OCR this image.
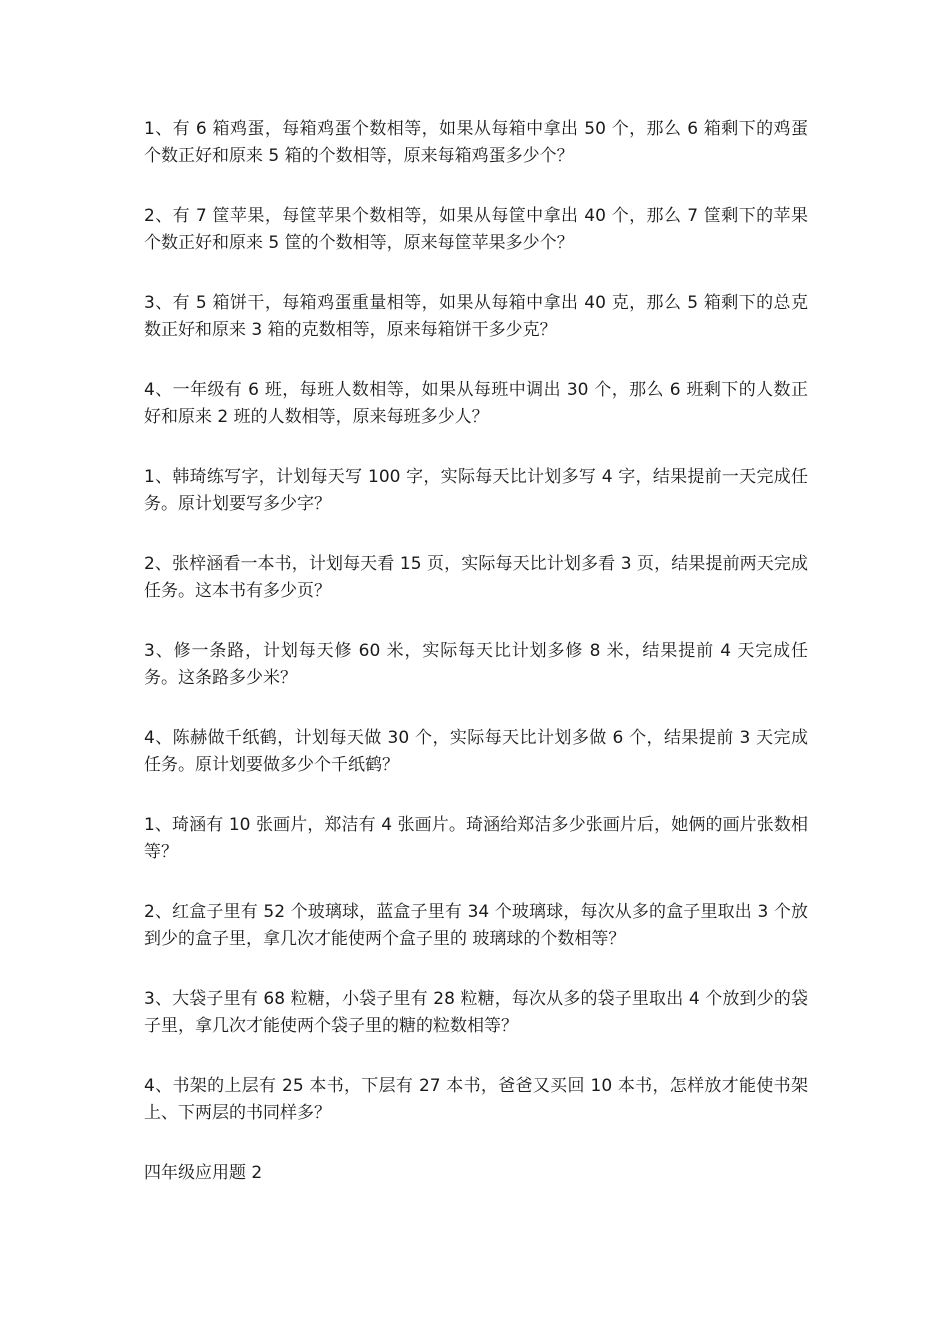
1、有 6 箱鸡蛋，每箱鸡蛋个数相等，如果从每箱中拿出 50 个，那么 6 箱剩下的鸡蛋个数正好和原来 5 箱的个数相等，原来每箱鸡蛋多少个？

2、有 7 筐苹果，每筐苹果个数相等，如果从每筐中拿出 40 个，那么 7 筐剩下的苹果个数正好和原来 5 筐的个数相等，原来每筐苹果多少个？

3、有 5 箱饼干，每箱鸡蛋重量相等，如果从每箱中拿出 40 克，那么 5 箱剩下的总克数正好和原来 3 箱的克数相等，原来每箱饼干多少克？

4、一年级有 6 班，每班人数相等，如果从每班中调出 30 个，那么 6 班剩下的人数正好和原来 2 班的人数相等，原来每班多少人？

1、韩琦练写字，计划每天写 100 字，实际每天比计划多写 4 字，结果提前一天完成任务。原计划要写多少字？

2、张梓涵看一本书，计划每天看 15 页，实际每天比计划多看 3 页，结果提前两天完成任务。这本书有多少页？

3、修一条路，计划每天修 60 米，实际每天比计划多修 8 米，结果提前 4 天完成任务。这条路多少米？

4、陈赫做千纸鹤，计划每天做 30 个，实际每天比计划多做 6 个，结果提前 3 天完成任务。原计划要做多少个千纸鹤？

1、琦涵有 10 张画片，郑洁有 4 张画片。琦涵给郑洁多少张画片后，她俩的画片张数相等？

2、红盒子里有 52 个玻璃球，蓝盒子里有 34 个玻璃球，每次从多的盒子里取出 3 个放到少的盒子里，拿几次才能使两个盒子里的 玻璃球的个数相等？

3、大袋子里有 68 粒糖，小袋子里有 28 粒糖，每次从多的袋子里取出 4 个放到少的袋子里，拿几次才能使两个袋子里的糖的粒数相等？

4、书架的上层有 25 本书，下层有 27 本书，爸爸又买回 10 本书，怎样放才能使书架上、下两层的书同样多？

四年级应用题 2
